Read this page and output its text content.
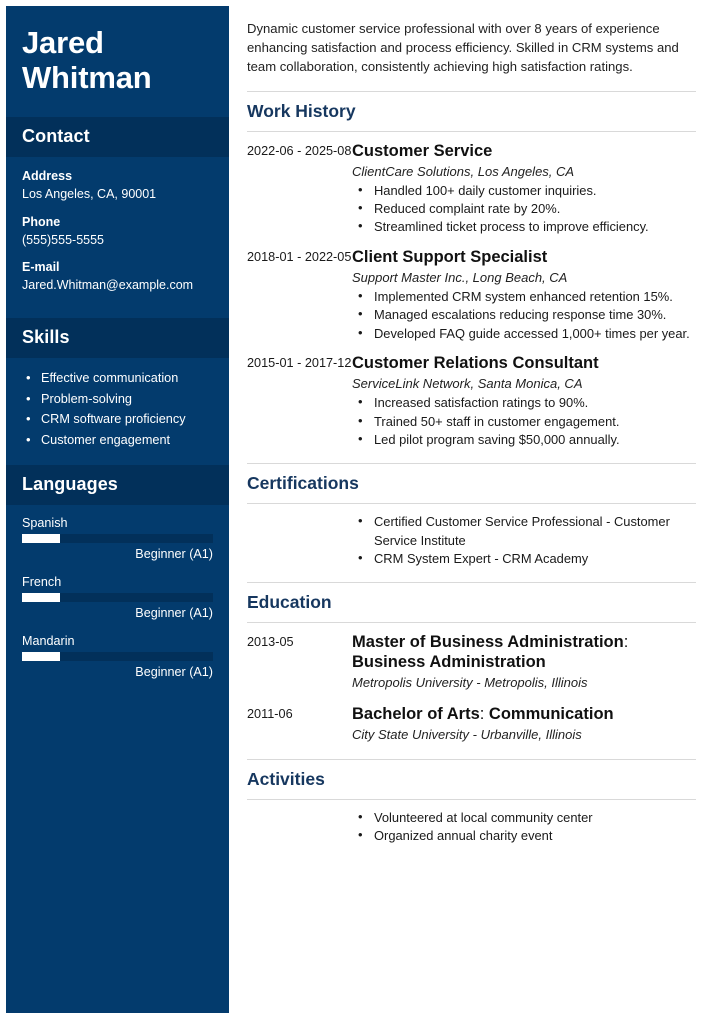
Jared
Whitman
Contact
Address
Los Angeles, CA, 90001
Phone
(555)555-5555
E-mail
Jared.Whitman@example.com
Skills
• Effective communication
• Problem-solving
• CRM software proficiency
• Customer engagement
Languages
Spanish
Beginner (A1)
French
Beginner (A1)
Mandarin
Beginner (A1)
Dynamic customer service professional with over 8 years of experience enhancing satisfaction and process efficiency. Skilled in CRM systems and team collaboration, consistently achieving high satisfaction ratings.
Work History
2022-06 - 2025-08 Customer Service
ClientCare Solutions, Los Angeles, CA
• Handled 100+ daily customer inquiries.
• Reduced complaint rate by 20%.
• Streamlined ticket process to improve efficiency.
2018-01 - 2022-05 Client Support Specialist
Support Master Inc., Long Beach, CA
• Implemented CRM system enhanced retention 15%.
• Managed escalations reducing response time 30%.
• Developed FAQ guide accessed 1,000+ times per year.
2015-01 - 2017-12 Customer Relations Consultant
ServiceLink Network, Santa Monica, CA
• Increased satisfaction ratings to 90%.
• Trained 50+ staff in customer engagement.
• Led pilot program saving $50,000 annually.
Certifications
• Certified Customer Service Professional - Customer Service Institute
• CRM System Expert - CRM Academy
Education
2013-05	Master of Business Administration: Business Administration
Metropolis University - Metropolis, Illinois
2011-06	Bachelor of Arts: Communication
City State University - Urbanville, Illinois
Activities
• Volunteered at local community center
• Organized annual charity event
